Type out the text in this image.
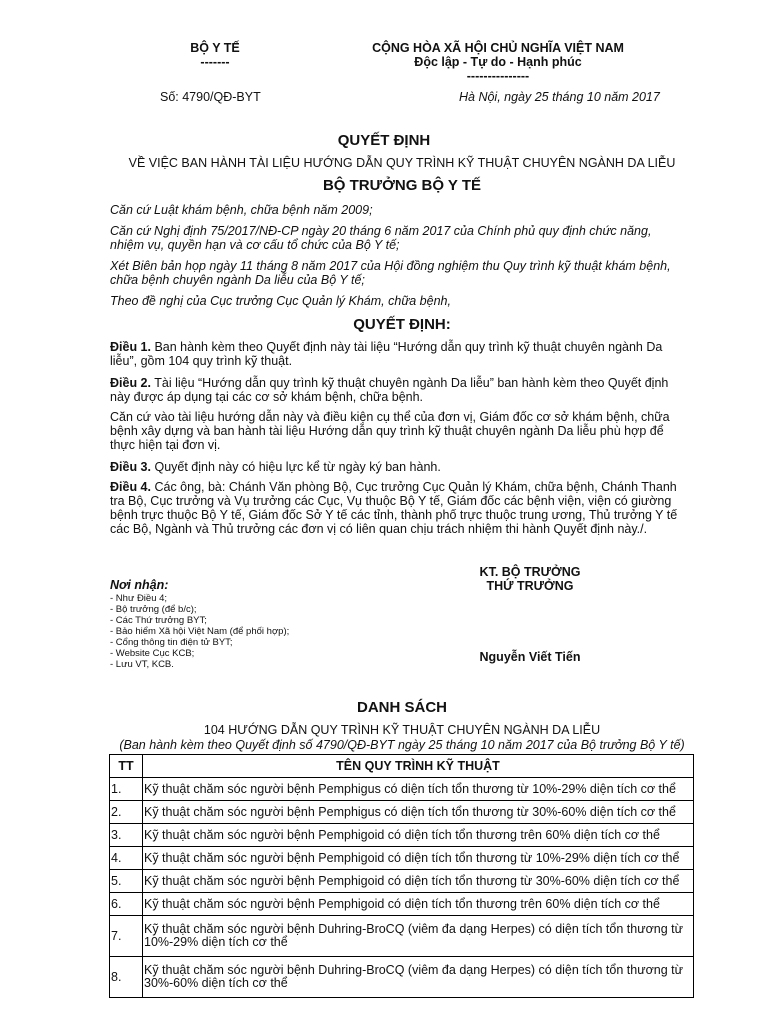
BỘ Y TẾ
-------
CỘNG HÒA XÃ HỘI CHỦ NGHĨA VIỆT NAM
Độc lập - Tự do - Hạnh phúc
---------------
Số: 4790/QĐ-BYT	Hà Nội, ngày 25 tháng 10 năm 2017
QUYẾT ĐỊNH
VỀ VIỆC BAN HÀNH TÀI LIỆU HƯỚNG DẪN QUY TRÌNH KỸ THUẬT CHUYÊN NGÀNH DA LIỄU
BỘ TRƯỞNG BỘ Y TẾ

Căn cứ Luật khám bệnh, chữa bệnh năm 2009;

Căn cứ Nghị định 75/2017/NĐ-CP ngày 20 tháng 6 năm 2017 của Chính phủ quy định chức năng, nhiệm vụ, quyền hạn và cơ cấu tổ chức của Bộ Y tế;

Xét Biên bản họp ngày 11 tháng 8 năm 2017 của Hội đồng nghiệm thu Quy trình kỹ thuật khám bệnh, chữa bệnh chuyên ngành Da liễu của Bộ Y tế;

Theo đề nghị của Cục trưởng Cục Quản lý Khám, chữa bệnh,

QUYẾT ĐỊNH:

Điều 1. Ban hành kèm theo Quyết định này tài liệu “Hướng dẫn quy trình kỹ thuật chuyên ngành Da liễu”, gồm 104 quy trình kỹ thuật.

Điều 2. Tài liệu “Hướng dẫn quy trình kỹ thuật chuyên ngành Da liễu” ban hành kèm theo Quyết định này được áp dụng tại các cơ sở khám bệnh, chữa bệnh.

Căn cứ vào tài liệu hướng dẫn này và điều kiện cụ thể của đơn vị, Giám đốc cơ sở khám bệnh, chữa bệnh xây dựng và ban hành tài liệu Hướng dẫn quy trình kỹ thuật chuyên ngành Da liễu phù hợp để thực hiện tại đơn vị.

Điều 3. Quyết định này có hiệu lực kể từ ngày ký ban hành.

Điều 4. Các ông, bà: Chánh Văn phòng Bộ, Cục trưởng Cục Quản lý Khám, chữa bệnh, Chánh Thanh tra Bộ, Cục trưởng và Vụ trưởng các Cục, Vụ thuộc Bộ Y tế, Giám đốc các bệnh viện, viện có giường bệnh trực thuộc Bộ Y tế, Giám đốc Sở Y tế các tỉnh, thành phố trực thuộc trung ương, Thủ trưởng Y tế các Bộ, Ngành và Thủ trưởng các đơn vị có liên quan chịu trách nhiệm thi hành Quyết định này./.

Nơi nhận:
- Như Điều 4;
- Bộ trưởng (để b/c);
- Các Thứ trưởng BYT;
- Bảo hiểm Xã hội Việt Nam (để phối hợp);
- Cổng thông tin điện tử BYT;
- Website Cục KCB;
- Lưu VT, KCB.
KT. BỘ TRƯỞNG
THỨ TRƯỞNG
Nguyễn Viết Tiến
DANH SÁCH
104 HƯỚNG DẪN QUY TRÌNH KỸ THUẬT CHUYÊN NGÀNH DA LIỄU
(Ban hành kèm theo Quyết định số 4790/QĐ-BYT ngày 25 tháng 10 năm 2017 của Bộ trưởng Bộ Y tế)
TT	TÊN QUY TRÌNH KỸ THUẬT
1.	Kỹ thuật chăm sóc người bệnh Pemphigus có diện tích tổn thương từ 10%-29% diện tích cơ thể
2.	Kỹ thuật chăm sóc người bệnh Pemphigus có diện tích tổn thương từ 30%-60% diện tích cơ thể
3.	Kỹ thuật chăm sóc người bệnh Pemphigoid có diện tích tổn thương trên 60% diện tích cơ thể
4.	Kỹ thuật chăm sóc người bệnh Pemphigoid có diện tích tổn thương từ 10%-29% diện tích cơ thể
5.	Kỹ thuật chăm sóc người bệnh Pemphigoid có diện tích tổn thương từ 30%-60% diện tích cơ thể
6.	Kỹ thuật chăm sóc người bệnh Pemphigoid có diện tích tổn thương trên 60% diện tích cơ thể
7.	Kỹ thuật chăm sóc người bệnh Duhring-BroCQ (viêm đa dạng Herpes) có diện tích tổn thương từ 10%-29% diện tích cơ thể
8.	Kỹ thuật chăm sóc người bệnh Duhring-BroCQ (viêm đa dạng Herpes) có diện tích tổn thương từ 30%-60% diện tích cơ thể
